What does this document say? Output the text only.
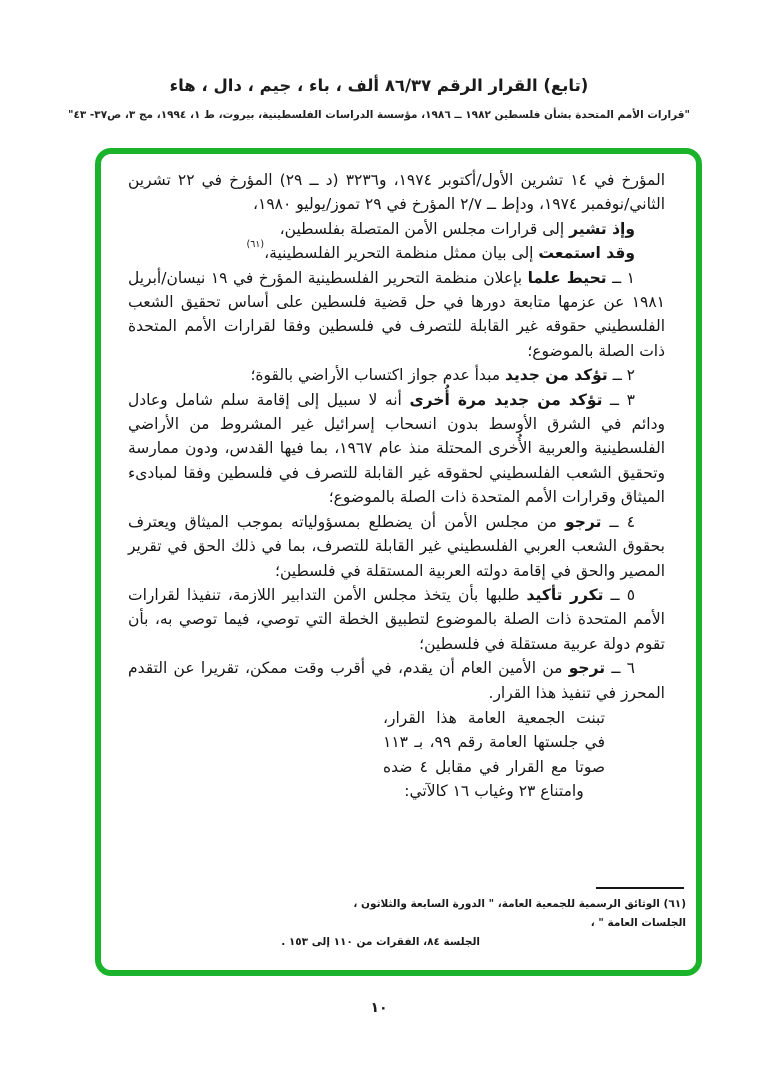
(تابع) القرار الرقم ٨٦/٣٧ ألف ، باء ، جيم ، دال ، هاء
"قرارات الأمم المتحدة بشأن فلسطين ١٩٨٢ ــ ١٩٨٦، مؤسسة الدراسات الفلسطينية، بيروت، ط ١، ١٩٩٤، مج ٣، ص٣٧- ٤٣"
المؤرخ في ١٤ تشرين الأول/أكتوبر ١٩٧٤، و٣٢٣٦ (د ــ ٢٩) المؤرخ في ٢٢ تشرين الثاني/نوفمبر ١٩٧٤، ودإط ــ ٢/٧ المؤرخ في ٢٩ تموز/يوليو ١٩٨٠،
وإذ تشير إلى قرارات مجلس الأمن المتصلة بفلسطين،
وقد استمعت إلى بيان ممثل منظمة التحرير الفلسطينية،$^{(٦١)}$
١ ــ تحيط علما بإعلان منظمة التحرير الفلسطينية المؤرخ في ١٩ نيسان/أبريل ١٩٨١ عن عزمها متابعة دورها في حل قضية فلسطين على أساس تحقيق الشعب الفلسطيني حقوقه غير القابلة للتصرف في فلسطين وفقا لقرارات الأمم المتحدة ذات الصلة بالموضوع؛
٢ ــ تؤكد من جديد مبدأ عدم جواز اكتساب الأراضي بالقوة؛
٣ ــ تؤكد من جديد مرة أُخرى أنه لا سبيل إلى إقامة سلم شامل وعادل ودائم في الشرق الأوسط بدون انسحاب إسرائيل غير المشروط من الأراضي الفلسطينية والعربية الأُخرى المحتلة منذ عام ١٩٦٧، بما فيها القدس، ودون ممارسة وتحقيق الشعب الفلسطيني لحقوقه غير القابلة للتصرف في فلسطين وفقا لمبادىء الميثاق وقرارات الأمم المتحدة ذات الصلة بالموضوع؛
٤ ــ ترجو من مجلس الأمن أن يضطلع بمسؤولياته بموجب الميثاق ويعترف بحقوق الشعب العربي الفلسطيني غير القابلة للتصرف، بما في ذلك الحق في تقرير المصير والحق في إقامة دولته العربية المستقلة في فلسطين؛
٥ ــ تكرر تأكيد طلبها بأن يتخذ مجلس الأمن التدابير اللازمة، تنفيذا لقرارات الأمم المتحدة ذات الصلة بالموضوع لتطبيق الخطة التي توصي، فيما توصي به، بأن تقوم دولة عربية مستقلة في فلسطين؛
٦ ــ ترجو من الأمين العام أن يقدم، في أقرب وقت ممكن، تقريرا عن التقدم المحرز في تنفيذ هذا القرار.
تبنت الجمعية العامة هذا القرار، في جلستها العامة رقم ٩٩، بـ ١١٣ صوتا مع القرار في مقابل ٤ ضده وامتناع ٢٣ وغياب ١٦ كالآتي:
(٦١) الوثائق الرسمية للجمعية العامة، " الدورة السابعة والثلاثون ، الجلسات العامة " ،
الجلسة ٨٤، الفقرات من ١١٠ إلى ١٥٣ .
١٠
